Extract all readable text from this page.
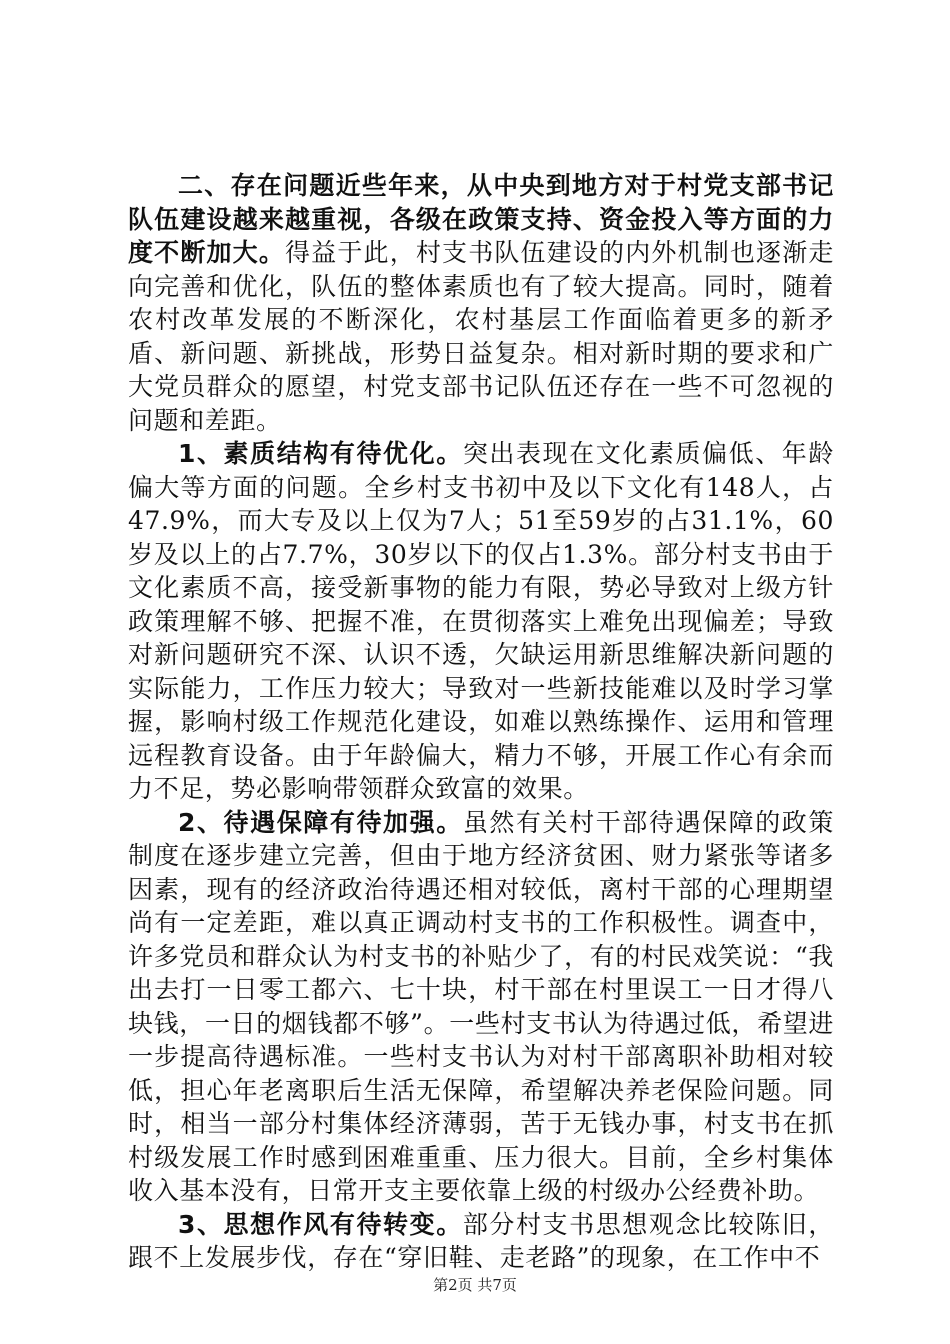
二、存在问题近些年来，从中央到地方对于村党支部书记队伍建设越来越重视，各级在政策支持、资金投入等方面的力度不断加大。得益于此，村支书队伍建设的内外机制也逐渐走向完善和优化，队伍的整体素质也有了较大提高。同时，随着农村改革发展的不断深化，农村基层工作面临着更多的新矛盾、新问题、新挑战，形势日益复杂。相对新时期的要求和广大党员群众的愿望，村党支部书记队伍还存在一些不可忽视的问题和差距。

1、素质结构有待优化。突出表现在文化素质偏低、年龄偏大等方面的问题。全乡村支书初中及以下文化有148人，占47.9%，而大专及以上仅为7人；51至59岁的占31.1%，60岁及以上的占7.7%，30岁以下的仅占1.3%。部分村支书由于文化素质不高，接受新事物的能力有限，势必导致对上级方针政策理解不够、把握不准，在贯彻落实上难免出现偏差；导致对新问题研究不深、认识不透，欠缺运用新思维解决新问题的实际能力，工作压力较大；导致对一些新技能难以及时学习掌握，影响村级工作规范化建设，如难以熟练操作、运用和管理远程教育设备。由于年龄偏大，精力不够，开展工作心有余而力不足，势必影响带领群众致富的效果。

2、待遇保障有待加强。虽然有关村干部待遇保障的政策制度在逐步建立完善，但由于地方经济贫困、财力紧张等诸多因素，现有的经济政治待遇还相对较低，离村干部的心理期望尚有一定差距，难以真正调动村支书的工作积极性。调查中，许多党员和群众认为村支书的补贴少了，有的村民戏笑说：“我出去打一日零工都六、七十块，村干部在村里误工一日才得八块钱，一日的烟钱都不够”。一些村支书认为待遇过低，希望进一步提高待遇标准。一些村支书认为对村干部离职补助相对较低，担心年老离职后生活无保障，希望解决养老保险问题。同时，相当一部分村集体经济薄弱，苦于无钱办事，村支书在抓村级发展工作时感到困难重重、压力很大。目前，全乡村集体收入基本没有，日常开支主要依靠上级的村级办公经费补助。

3、思想作风有待转变。部分村支书思想观念比较陈旧，跟不上发展步伐，存在“穿旧鞋、走老路”的现象，在工作中不

第2页 共7页
